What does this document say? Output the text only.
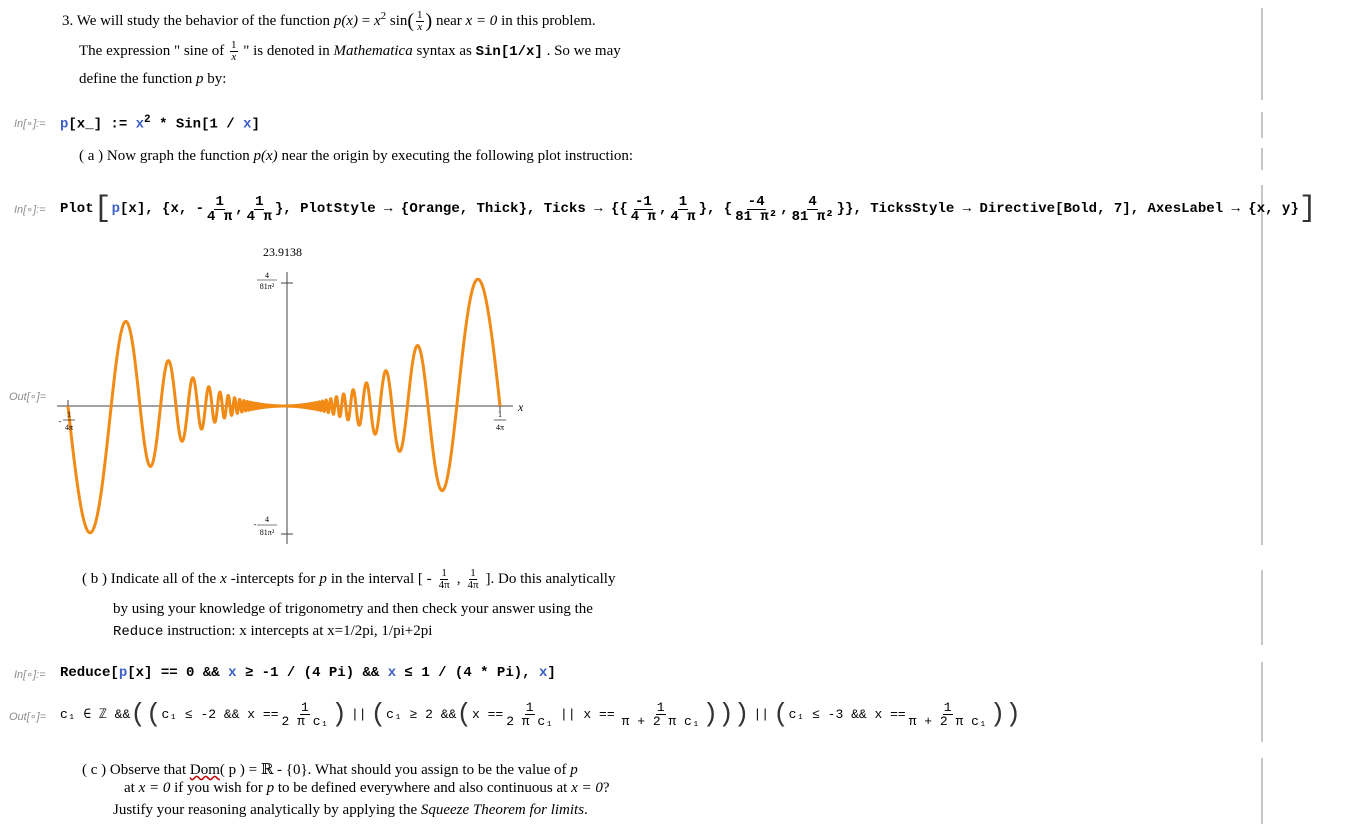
3. We will study the behavior of the function $p(x) = x^2$ $\sin( \frac{1}{x}$ ) near x = 0 in this problem.
The expression " sine of $\frac{1}{x}$ " is denoted in Mathematica syntax as Sin[1/x] . So we may
define the function p by:
In[∘]:= p[x_] := $x^2 * Sin[1 / x]$
( a ) Now graph the function p(x) near the origin by executing the following plot instruction:
In[∘]:= Plot [ p [x], {x, - $\frac{1}{4 \pi}$ , $\frac{1}{4 \pi}$ }, PlotStyle → {Orange, Thick}, Ticks → {{ $\frac{-1}{4 \pi}$ , $\frac{1}{4 \pi}$ }, { $\frac{-4}{\text{81 π²}}$ , $\frac{4}{\text{81 π²}}$ }}, TicksStyle → Directive[Bold, 7], AxesLabel → {x, y} ]
Out[∘]=
23.9138
x
4
81π²
-
4
81π²
-
1
4π
1
4π
( b ) Indicate all of the x -intercepts for p in the interval [ - $\frac{1}{4\pi}$ , $\frac{1}{4\pi}$ ]. Do this analytically
by using your knowledge of trigonometry and then check your answer using the
Reduce instruction: x intercepts at x=1/2pi, 1/pi+2pi
In[∘]:= Reduce[p[x] == 0 && x ≥ -1 / (4 Pi) && x ≤ 1 / (4 * Pi), x]
Out[∘]= c₁ ∈ ℤ && (( c₁ ≤ -2 && $x == \frac{1}{\text{2 π c₁}}$ ) || ( c₁ ≥ 2 && ( $x == \frac{1}{\text{2 π c₁}}$ || $x == \frac{1}{\text{π + 2 π c₁}}$ ))) || ( c₁ ≤ -3 && $x == \frac{1}{\text{π + 2 π c₁}}$ ))
( c ) Observe that Dom( p ) = ℝ - {0}. What should you assign to be the value of p
at x = 0 if you wish for p to be defined everywhere and also continuous at x = 0?
Justify your reasoning analytically by applying the Squeeze Theorem for limits.
